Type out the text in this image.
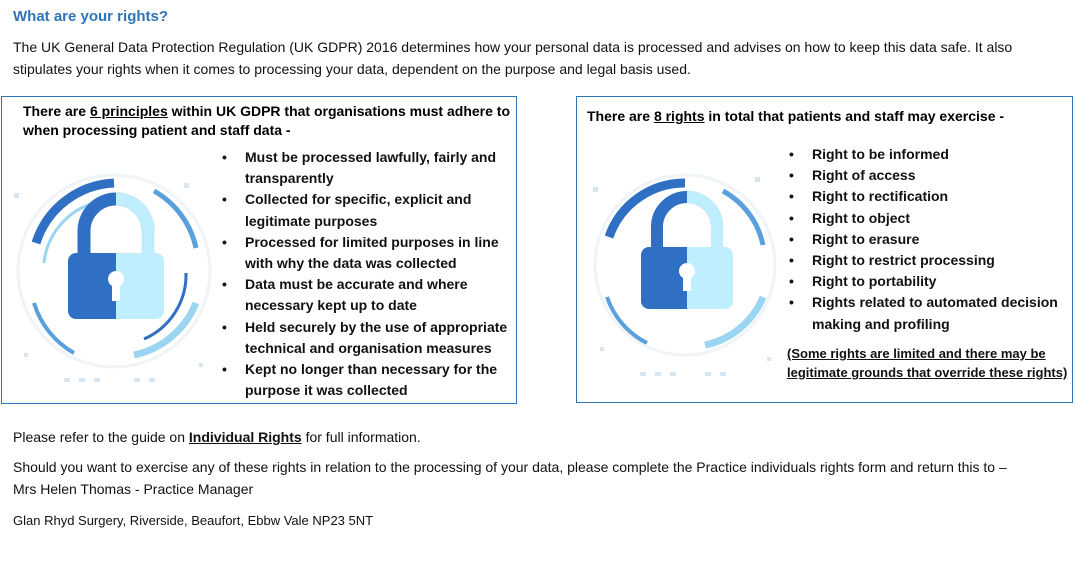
What are your rights?
The UK General Data Protection Regulation (UK GDPR) 2016 determines how your personal data is processed and advises on how to keep this data safe. It also stipulates your rights when it comes to processing your data, dependent on the purpose and legal basis used.
There are 6 principles within UK GDPR that organisations must adhere to when processing patient and staff data -
• Must be processed lawfully, fairly and transparently
• Collected for specific, explicit and legitimate purposes
• Processed for limited purposes in line with why the data was collected
• Data must be accurate and where necessary kept up to date
• Held securely by the use of appropriate technical and organisation measures
• Kept no longer than necessary for the purpose it was collected
There are 8 rights in total that patients and staff may exercise -
• Right to be informed
• Right of access
• Right to rectification
• Right to object
• Right to erasure
• Right to restrict processing
• Right to portability
• Rights related to automated decision making and profiling
(Some rights are limited and there may be legitimate grounds that override these rights)
Please refer to the guide on Individual Rights for full information.
Should you want to exercise any of these rights in relation to the processing of your data, please complete the Practice individuals rights form and return this to – Mrs Helen Thomas - Practice Manager
Glan Rhyd Surgery, Riverside, Beaufort, Ebbw Vale NP23 5NT
